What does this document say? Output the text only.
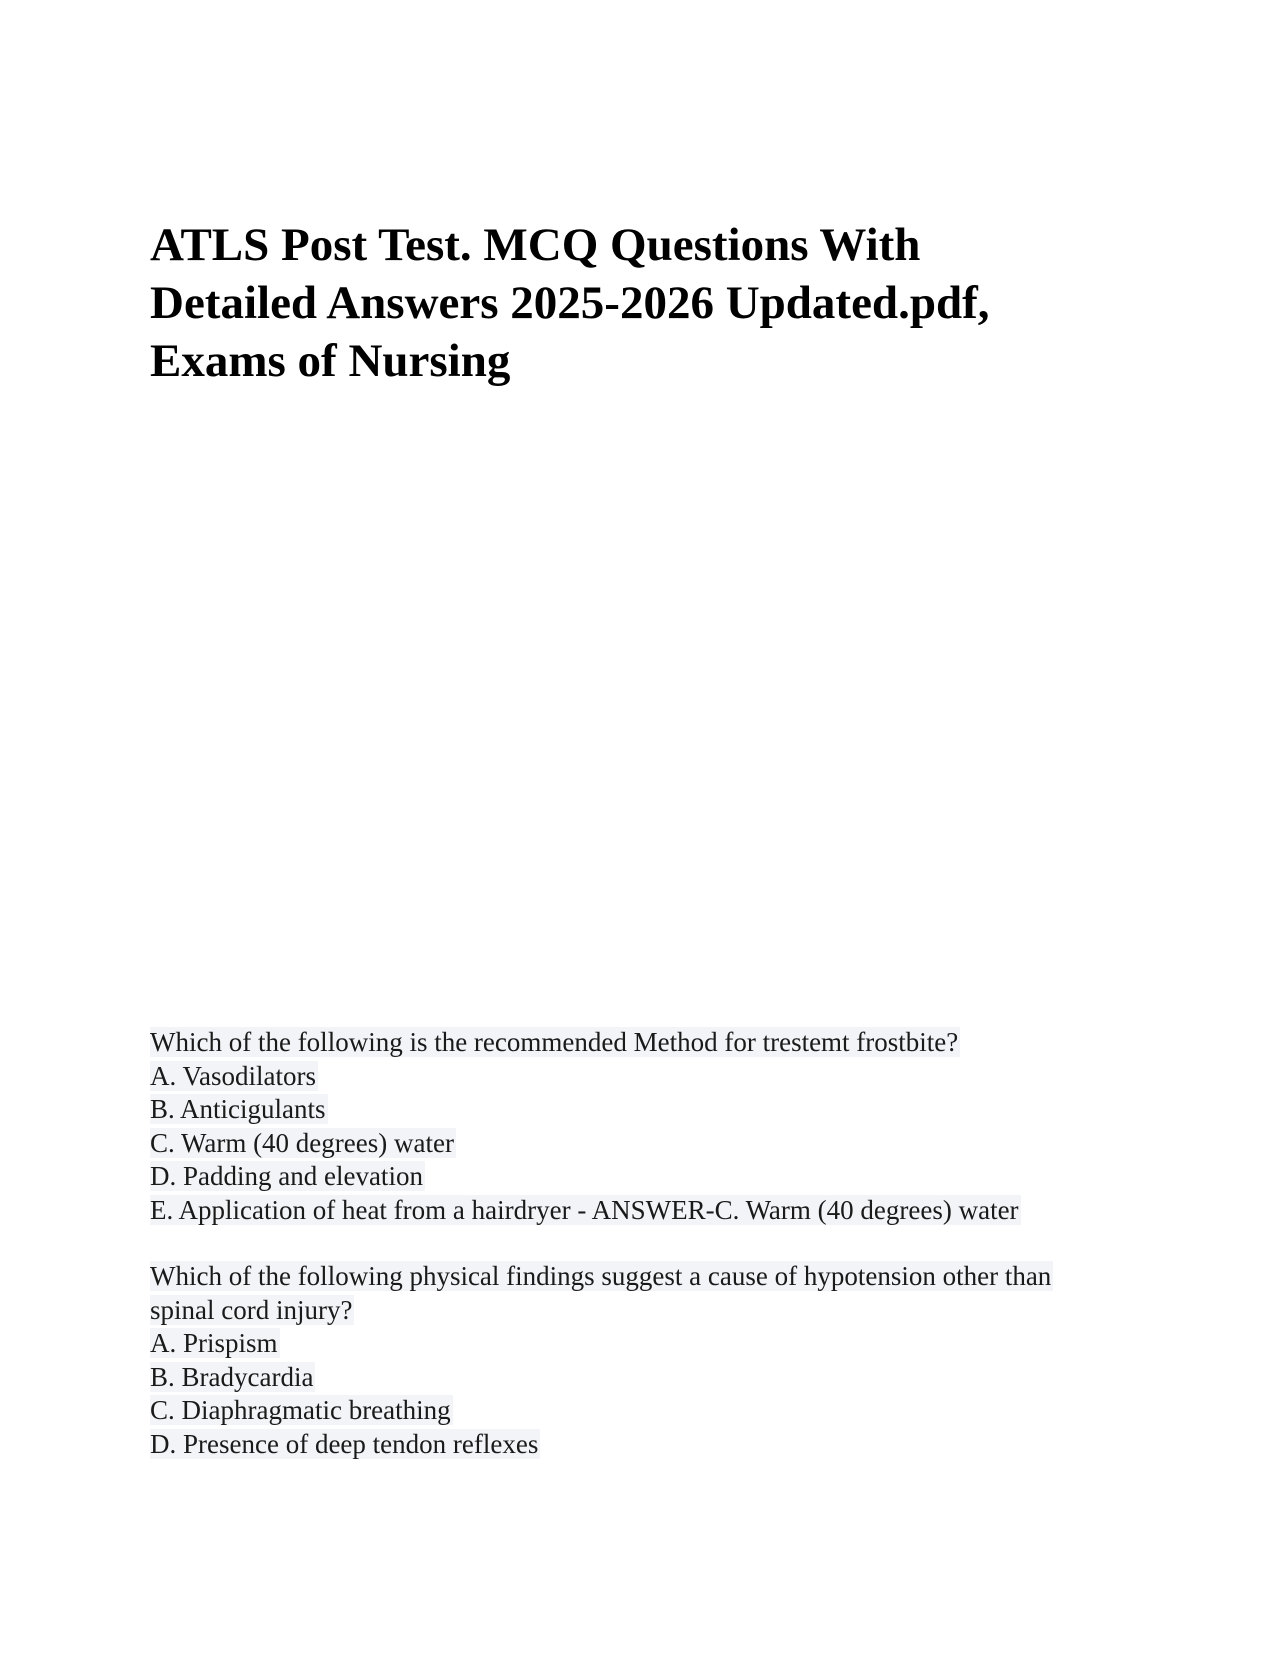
ATLS Post Test. MCQ Questions With
Detailed Answers 2025-2026 Updated.pdf,
Exams of Nursing
Which of the following is the recommended Method for trestemt frostbite?
A. Vasodilators
B. Anticigulants
C. Warm (40 degrees) water
D. Padding and elevation
E. Application of heat from a hairdryer - ANSWER-C. Warm (40 degrees) water
Which of the following physical findings suggest a cause of hypotension other than
spinal cord injury?
A. Prispism
B. Bradycardia
C. Diaphragmatic breathing
D. Presence of deep tendon reflexes
